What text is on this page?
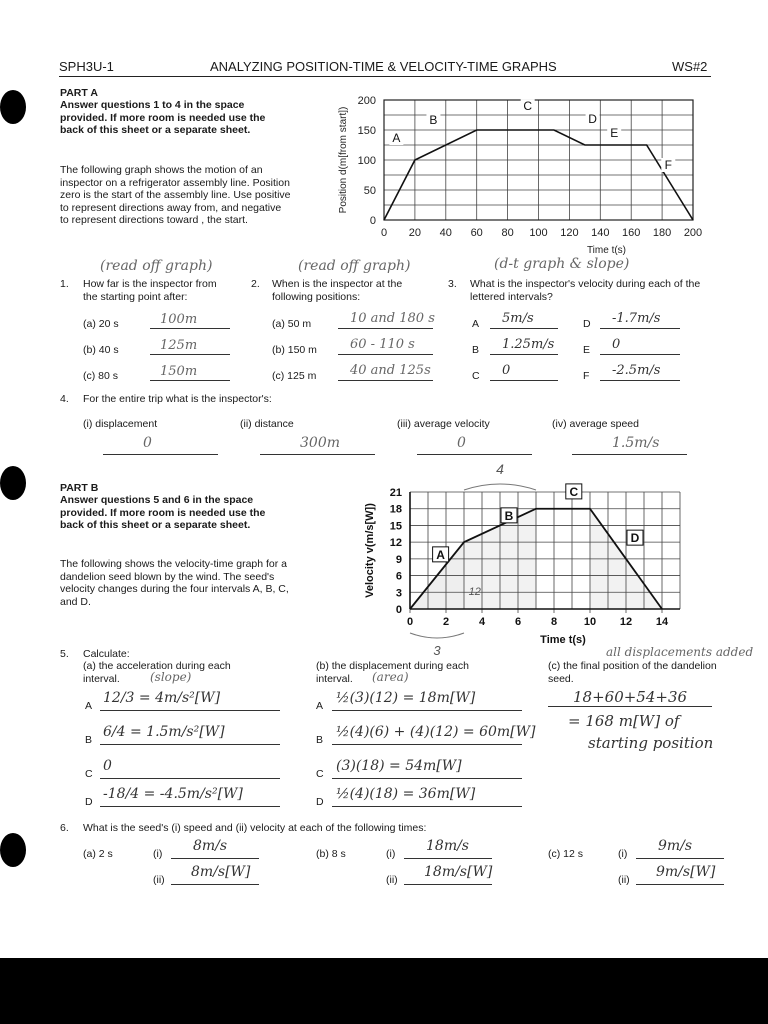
SPH3U-1	ANALYZING POSITION-TIME & VELOCITY-TIME GRAPHS	WS#2
PART A
Answer questions 1 to 4 in the space provided. If more room is needed use the back of this sheet or a separate sheet.
The following graph shows the motion of an inspector on a refrigerator assembly line. Position zero is the start of the assembly line. Use positive to represent directions away from, and negative to represent directions toward , the start.
0 20 40 60 80 100 120 140 160 180 200
0
50
100
150
200
Time t(s)
Position d(m[from start])	A
B
C
D
E
F
(read off graph)	(read off graph)	(d-t graph & slope)
1. How far is the inspector from the starting point after:
2. When is the inspector at the following positions:
3. What is the inspector's velocity during each of the lettered intervals?
4. For the entire trip what is the inspector's:
PART B
Answer questions 5 and 6 in the space provided. If more room is needed use the back of this sheet or a separate sheet.
The following shows the velocity-time graph for a dandelion seed blown by the wind. The seed's velocity changes during the four intervals A, B, C, and D.
0	2	4	6	8 10 12 14
0
3
6
9
12
15
18
21
Time t(s)
Velocity v(m/s[W])	A
B
C
D
4
3
12
5. Calculate:
(a) the acceleration during each interval.	(slope)
(b) the displacement during each interval.	(area)
(c) the final position of the dandelion seed.
all displacements added
18+60+54+36
= 168 m[W] of
starting position
6. What is the seed's (i) speed and (ii) velocity at each of the following times:
(a) 20 s	100m
(b) 40 s	125m
(c) 80 s	150m
(a) 50 m	10 and 180 s
(b) 150 m	60 - 110 s
(c) 125 m	40 and 125s
A 5m/s
B 1.25m/s
C 0
D -1.7m/s
E 0
F -2.5m/s
(i) displacement
0
(ii) distance
300m
(iii) average velocity
0
(iv) average speed
1.5m/s
A 12/3 = 4m/s²[W]
B 6/4 = 1.5m/s²[W]
C 0
D -18/4 = -4.5m/s²[W]
A ½(3)(12) = 18m[W]
B ½(4)(6) + (4)(12) = 60m[W]
C (3)(18) = 54m[W]
D ½(4)(18) = 36m[W]
(a) 2 s	(i) 8m/s
(ii) 8m/s[W]
(b) 8 s	(i) 18m/s
(ii) 18m/s[W]
(c) 12 s	(i) 9m/s
(ii) 9m/s[W]
